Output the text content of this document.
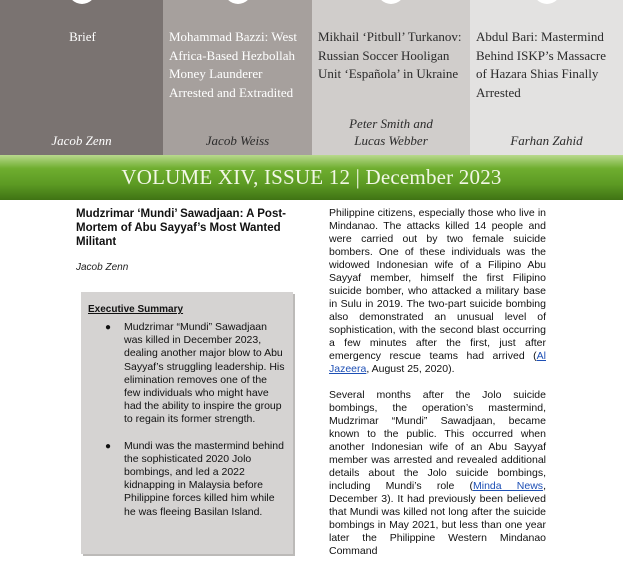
Brief
Jacob Zenn
Mohammad Bazzi: West Africa-Based Hezbollah Money Launderer Arrested and Extradited
Jacob Weiss
Mikhail ‘Pitbull’ Turkanov: Russian Soccer Hooligan Unit ‘Española’ in Ukraine
Peter Smith and Lucas Webber
Abdul Bari: Mastermind Behind ISKP’s Massacre of Hazara Shias Finally Arrested
Farhan Zahid
VOLUME XIV, ISSUE 12 | December 2023
Mudzrimar ‘Mundi’ Sawadjaan: A Post-Mortem of Abu Sayyaf’s Most Wanted Militant
Jacob Zenn
Executive Summary
● Mudzrimar “Mundi” Sawadjaan was killed in December 2023, dealing another major blow to Abu Sayyaf’s struggling leadership. His elimination removes one of the few individuals who might have had the ability to inspire the group to regain its former strength.
● Mundi was the mastermind behind the sophisticated 2020 Jolo bombings, and led a 2022 kidnapping in Malaysia before Philippine forces killed him while he was fleeing Basilan Island.

Philippine citizens, especially those who live in Mindanao. The attacks killed 14 people and were carried out by two female suicide bombers. One of these individuals was the widowed Indonesian wife of a Filipino Abu Sayyaf member, himself the first Filipino suicide bomber, who attacked a military base in Sulu in 2019. The two-part suicide bombing also demonstrated an unusual level of sophistication, with the second blast occurring a few minutes after the first, just after emergency rescue teams had arrived (Al Jazeera, August 25, 2020).

Several months after the Jolo suicide bombings, the operation’s mastermind, Mudzrimar “Mundi” Sawadjaan, became known to the public. This occurred when another Indonesian wife of an Abu Sayyaf member was arrested and revealed additional details about the Jolo suicide bombings, including Mundi’s role (Minda News, December 3). It had previously been believed that Mundi was killed not long after the suicide bombings in May 2021, but less than one year later the Philippine Western Mindanao Command
